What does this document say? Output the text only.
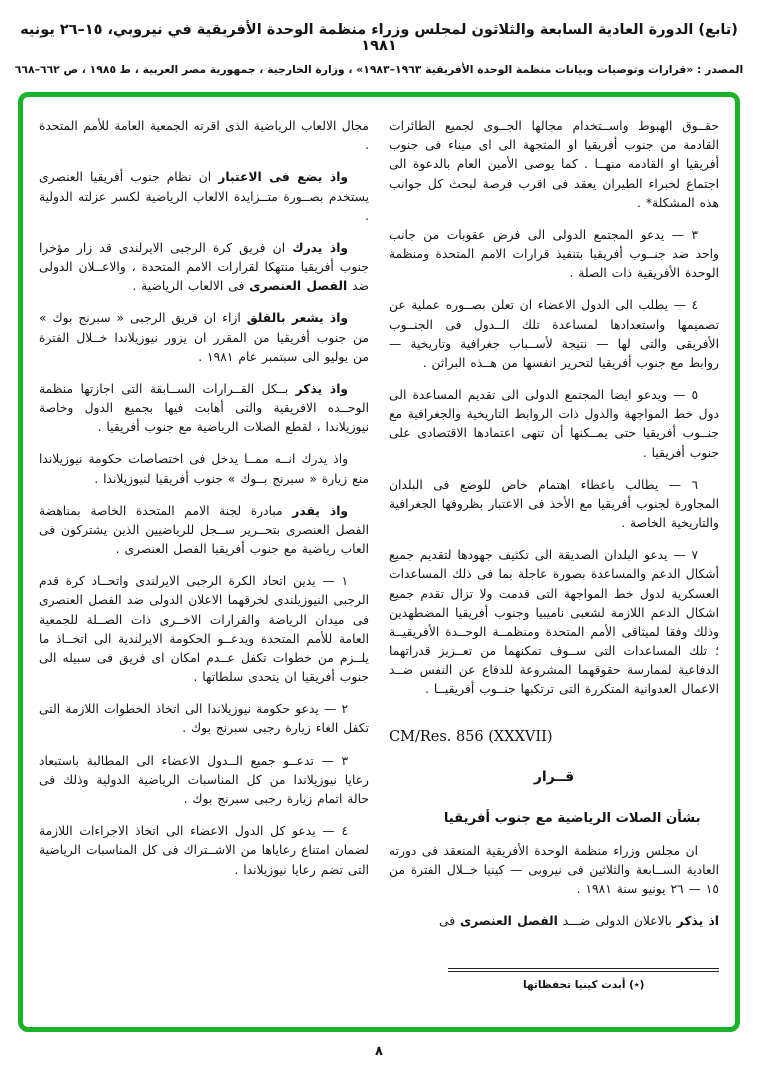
(تابع) الدورة العادية السابعة والثلاثون لمجلس وزراء منظمة الوحدة الأفريقية في نيروبي، ١٥–٢٦ يونيه ١٩٨١
المصدر : «قرارات وتوصيات وبيانات منظمة الوحدة الأفريقية ١٩٦٣–١٩٨٣» ، وزارة الخارجية ، جمهورية مصر العربية ، ط ١٩٨٥ ، ص ٦٦٢–٦٦٨

حقــوق الهبوط واســتخدام مجالها الجــوى لجميع الطائرات القادمة من جنوب أفريقيا او المتجهة الى اى ميناء فى جنوب أفريقيا او القادمه منهــا . كما يوصى الأمين العام بالدعوة الى اجتماع لخبراء الطيران يعقد فى اقرب فرصة لبحث كل جوانب هذه المشكلة* .

٣ — يدعو المجتمع الدولى الى فرض عقوبات من جانب واحد ضد جنــوب أفريقيا بتنفيذ قرارات الامم المتحدة ومنظمة الوحدة الأفريقية ذات الصلة .

٤ — يطلب الى الدول الاعضاء ان تعلن بصــوره عملية عن تصميمها واستعدادها لمساعدة تلك الــدول فى الجنــوب الأفريقى والتى لها — نتيجة لأســباب جغرافية وتاريخية — روابط مع جنوب أفريقيا لتحرير انفسها من هــذه البراثن .

٥ — ويدعو ايضا المجتمع الدولى الى تقديم المساعدة الى دول خط المواجهة والدول ذات الروابط التاريخية والجغرافية مع جنــوب أفريقيا حتى يمــكنها أن تنهى اعتمادها الاقتصادى على جنوب أفريقيا .

٦ — يطالب باعطاء اهتمام خاص للوضع فى البلدان المجاورة لجنوب أفريقيا مع الأخذ فى الاعتبار بظروفها الجغرافية والتاريخية الخاصة .

٧ — يدعو البلدان الصديقة الى تكثيف جهودها لتقديم جميع أشكال الدعم والمساعدة بصورة عاجلة بما فى ذلك المساعدات العسكرية لدول خط المواجهة التى قدمت ولا تزال تقدم جميع اشكال الدعم اللازمة لشعبى ناميبيا وجنوب أفريقيا المضطهدين وذلك وفقا لميثاقى الأمم المتحدة ومنظمــة الوحــدة الأفريقيــة ؛ تلك المساعدات التى ســوف تمكنهما من تعــزيز قدراتهما الدفاعية لممارسة حقوقهما المشروعة للدفاع عن النفس ضــد الاعمال العدوانية المتكررة التى ترتكبها جنــوب أفريقيــا .

CM/Res. 856 (XXXVII)
قــرار
بشأن الصلات الرياضية مع جنوب أفريقيا

ان مجلس وزراء منظمة الوحدة الأفريقية المنعقد فى دورته العادية الســابعة والثلاثين فى نيروبى — كينيا خــلال الفترة من ١٥ — ٢٦ يونيو سنة ١٩٨١ .

اذ يذكر بالاعلان الدولى ضـــد الفصل العنصرى فى

(٭) أبدت كينيا تحفظاتها

مجال الالعاب الرياضية الذى اقرته الجمعية العامة للأمم المتحدة .

واذ يضع فى الاعتبار ان نظام جنوب أفريقيا العنصرى يستخدم بصــورة متــزايدة الالعاب الرياضية لكسر عزلته الدولية .

واذ يدرك ان فريق كرة الرجبى الايرلندى قد زار مؤخرا جنوب أفريقيا منتهكا لقرارات الامم المتحدة ، والاعــلان الدولى ضد الفصل العنصرى فى الالعاب الرياضية .

واذ يشعر بالقلق ازاء ان فريق الرجبى « سبرنج بوك » من جنوب أفريقيا من المقرر ان يزور نيوزيلاندا خــلال الفترة من يوليو الى سبتمبر عام ١٩٨١ .

واذ يذكر بــكل القــرارات الســابقة التى اجازتها منظمة الوحــده الافريقية والتى أهابت فيها بجميع الدول وخاصة نيوزيلاندا ، لقطع الصلات الرياضية مع جنوب أفريقيا .

واذ يدرك انــه ممــا يدخل فى اختصاصات حكومة نيوزيلاندا منع زيارة « سبرنج بــوك » جنوب أفريقيا لنيوزيلاندا .

واذ يقدر مبادرة لجنة الامم المتحدة الخاصة بمناهضة الفصل العنصرى بتحــرير ســجل للرياضيين الذين يشتركون فى العاب رياضية مع جنوب أفريقيا الفصل العنصرى .

١ — يدين اتحاد الكرة الرجبى الايرلندى واتحــاد كرة قدم الرجبى النيوزيلندى لخرقهما الاعلان الدولى ضد الفصل العنصرى فى ميدان الرياضة والقرارات الاخــرى ذات الصــلة للجمعية العامة للأمم المتحدة ويدعــو الحكومة الايرلندية الى اتخــاذ ما يلــزم من خطوات تكفل عــدم امكان اى فريق فى سبيله الى جنوب أفريقيا ان يتحدى سلطاتها .

٢ — يدعو حكومة نيوزيلاندا الى اتخاذ الخطوات اللازمة التى تكفل الغاء زيارة رجبى سبرنج بوك .

٣ — تدعــو جميع الــدول الاعضاء الى المطالبة باستبعاد رعايا نيوزيلاندا من كل المناسبات الرياضية الدولية وذلك فى حالة اتمام زيارة رجبى سبرنج بوك .

٤ — يدعو كل الدول الاعضاء الى اتخاذ الاجراءات اللازمة لضمان امتناع رعاياها من الاشــتراك فى كل المناسبات الرياضية التى تضم رعايا نيوزيلاندا .

٨
